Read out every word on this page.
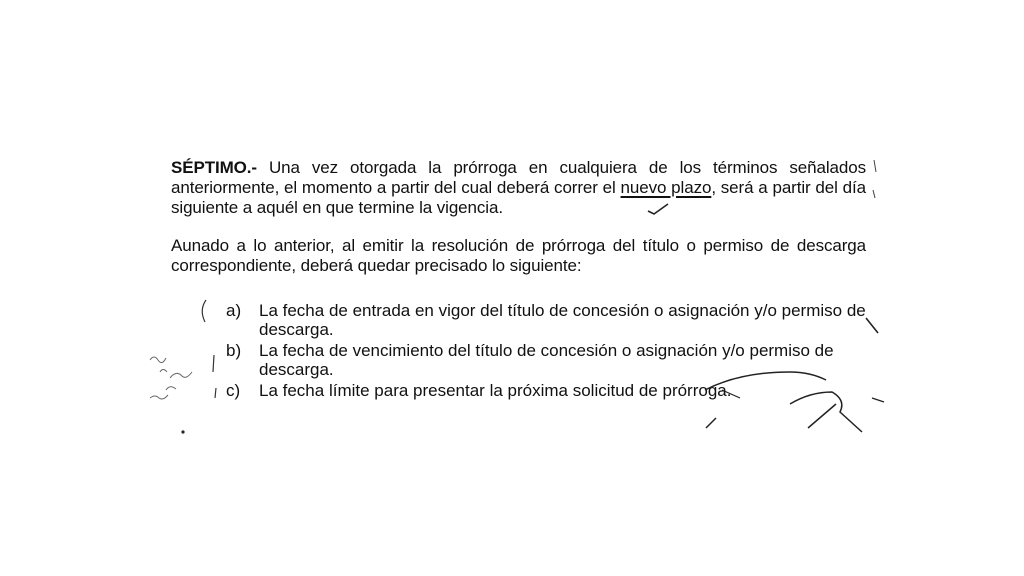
SÉPTIMO.- Una vez otorgada la prórroga en cualquiera de los términos señalados anteriormente, el momento a partir del cual deberá correr el nuevo plazo, será a partir del día siguiente a aquél en que termine la vigencia.

Aunado a lo anterior, al emitir la resolución de prórroga del título o permiso de descarga correspondiente, deberá quedar precisado lo siguiente:

a) La fecha de entrada en vigor del título de concesión o asignación y/o permiso de descarga.
b) La fecha de vencimiento del título de concesión o asignación y/o permiso de descarga.
c) La fecha límite para presentar la próxima solicitud de prórroga.
